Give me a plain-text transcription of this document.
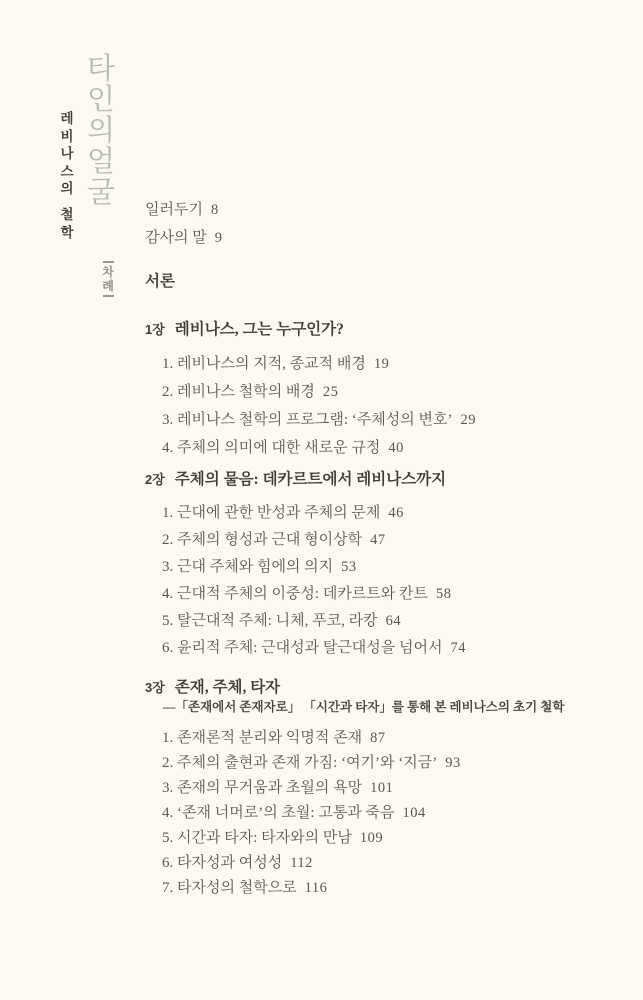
타
인
의
얼
굴
레
비
나
스
의
철
학
차
례
일러두기 8
감사의 말 9
서론
1장 레비나스, 그는 누구인가?
1. 레비나스의 지적, 종교적 배경 19
2. 레비나스 철학의 배경 25
3. 레비나스 철학의 프로그램: ‘주체성의 변호’ 29
4. 주체의 의미에 대한 새로운 규정 40
2장 주체의 물음: 데카르트에서 레비나스까지
1. 근대에 관한 반성과 주체의 문제 46
2. 주체의 형성과 근대 형이상학 47
3. 근대 주체와 힘에의 의지 53
4. 근대적 주체의 이중성: 데카르트와 칸트 58
5. 탈근대적 주체: 니체, 푸코, 라캉 64
6. 윤리적 주체: 근대성과 탈근대성을 넘어서 74
3장 존재, 주체, 타자
—「존재에서 존재자로」 「시간과 타자」를 통해 본 레비나스의 초기 철학
1. 존재론적 분리와 익명적 존재 87
2. 주체의 출현과 존재 가짐: ‘여기’와 ‘지금’ 93
3. 존재의 무거움과 초월의 욕망 101
4. ‘존재 너머로’의 초월: 고통과 죽음 104
5. 시간과 타자: 타자와의 만남 109
6. 타자성과 여성성 112
7. 타자성의 철학으로 116
